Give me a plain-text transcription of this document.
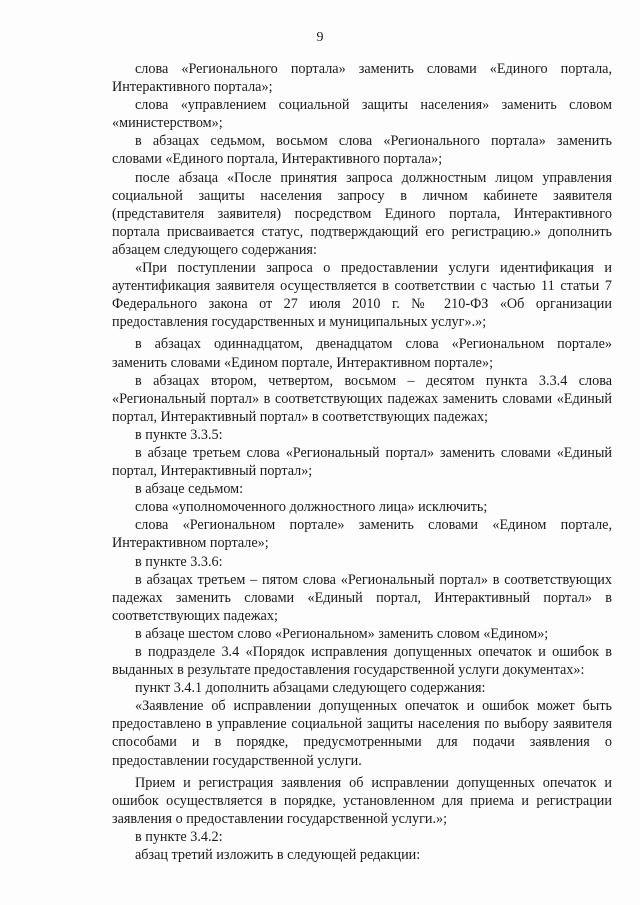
9

слова «Регионального портала» заменить словами «Единого портала, Интерактивного портала»;

слова «управлением социальной защиты населения» заменить словом «министерством»;

в абзацах седьмом, восьмом слова «Регионального портала» заменить словами «Единого портала, Интерактивного портала»;

после абзаца «После принятия запроса должностным лицом управления социальной защиты населения запросу в личном кабинете заявителя (представителя заявителя) посредством Единого портала, Интерактивного портала присваивается статус, подтверждающий его регистрацию.» дополнить абзацем следующего содержания:

«При поступлении запроса о предоставлении услуги идентификация и аутентификация заявителя осуществляется в соответствии с частью 11 статьи 7 Федерального закона от 27 июля 2010 г. № 210-ФЗ «Об организации предоставления государственных и муниципальных услуг».»;

в абзацах одиннадцатом, двенадцатом слова «Региональном портале» заменить словами «Едином портале, Интерактивном портале»;

в абзацах втором, четвертом, восьмом – десятом пункта 3.3.4 слова «Региональный портал» в соответствующих падежах заменить словами «Единый портал, Интерактивный портал» в соответствующих падежах;

в пункте 3.3.5:

в абзаце третьем слова «Региональный портал» заменить словами «Единый портал, Интерактивный портал»;

в абзаце седьмом:

слова «уполномоченного должностного лица» исключить;

слова «Региональном портале» заменить словами «Едином портале, Интерактивном портале»;

в пункте 3.3.6:

в абзацах третьем – пятом слова «Региональный портал» в соответствующих падежах заменить словами «Единый портал, Интерактивный портал» в соответствующих падежах;

в абзаце шестом слово «Региональном» заменить словом «Едином»;

в подразделе 3.4 «Порядок исправления допущенных опечаток и ошибок в выданных в результате предоставления государственной услуги документах»:

пункт 3.4.1 дополнить абзацами следующего содержания:

«Заявление об исправлении допущенных опечаток и ошибок может быть предоставлено в управление социальной защиты населения по выбору заявителя способами и в порядке, предусмотренными для подачи заявления о предоставлении государственной услуги.

Прием и регистрация заявления об исправлении допущенных опечаток и ошибок осуществляется в порядке, установленном для приема и регистрации заявления о предоставлении государственной услуги.»;

в пункте 3.4.2:

абзац третий изложить в следующей редакции:
